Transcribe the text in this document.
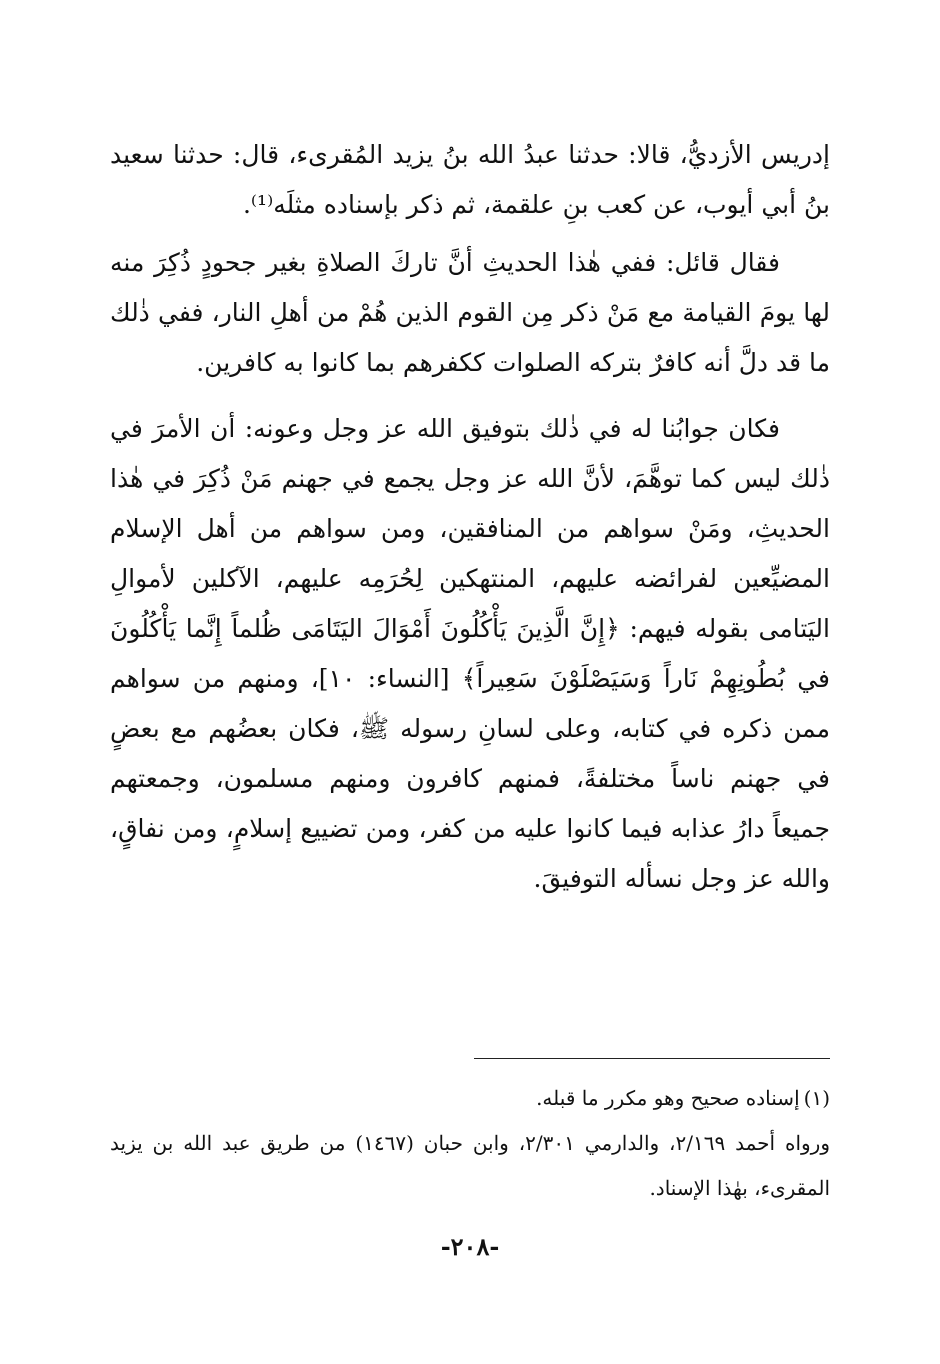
إدريس الأزديُّ، قالا: حدثنا عبدُ الله بنُ يزيد المُقرىء، قال: حدثنا سعيد بنُ أبي أيوب، عن كعب بنِ علقمة، ثم ذكر بإسناده مثلَه⁽¹⁾.

فقال قائل: ففي هٰذا الحديثِ أنَّ تاركَ الصلاةِ بغير جحودٍ ذُكِرَ منه لها يومَ القيامة مع مَنْ ذكر مِن القوم الذين هُمْ من أهلِ النار، ففي ذٰلك ما قد دلَّ أنه كافرٌ بتركه الصلوات ككفرهم بما كانوا به كافرين.

فكان جوابُنا له في ذٰلك بتوفيق الله عز وجل وعونه: أن الأمرَ في ذٰلك ليس كما توهَّمَ، لأنَّ الله عز وجل يجمع في جهنم مَنْ ذُكِرَ في هٰذا الحديثِ، ومَنْ سواهم من المنافقين، ومن سواهم من أهل الإسلام المضيِّعين لفرائضه عليهم، المنتهكين لِحُرَمِه عليهم، الآكلين لأموالِ اليَتامى بقوله فيهم: ﴿إِنَّ الَّذِينَ يَأْكُلُونَ أَمْوَالَ اليَتَامَى ظُلماً إِنَّما يَأْكُلُونَ في بُطُونِهِمْ نَاراً وَسَيَصْلَوْنَ سَعِيراً﴾ [النساء: ١٠]، ومنهم من سواهم ممن ذكره في كتابه، وعلى لسانِ رسوله ﷺ، فكان بعضُهم مع بعضٍ في جهنم ناساً مختلفةً، فمنهم كافرون ومنهم مسلمون، وجمعتهم جميعاً دارُ عذابه فيما كانوا عليه من كفر، ومن تضييع إسلامٍ، ومن نفاقٍ، والله عز وجل نسأله التوفيقَ.

(١)إسناده صحيح وهو مكرر ما قبله.

ورواه أحمد ٢/١٦٩، والدارمي ٢/٣٠١، وابن حبان (١٤٦٧) من طريق عبد الله بن يزيد المقرىء، بهٰذا الإسناد.

-٢٠٨-
